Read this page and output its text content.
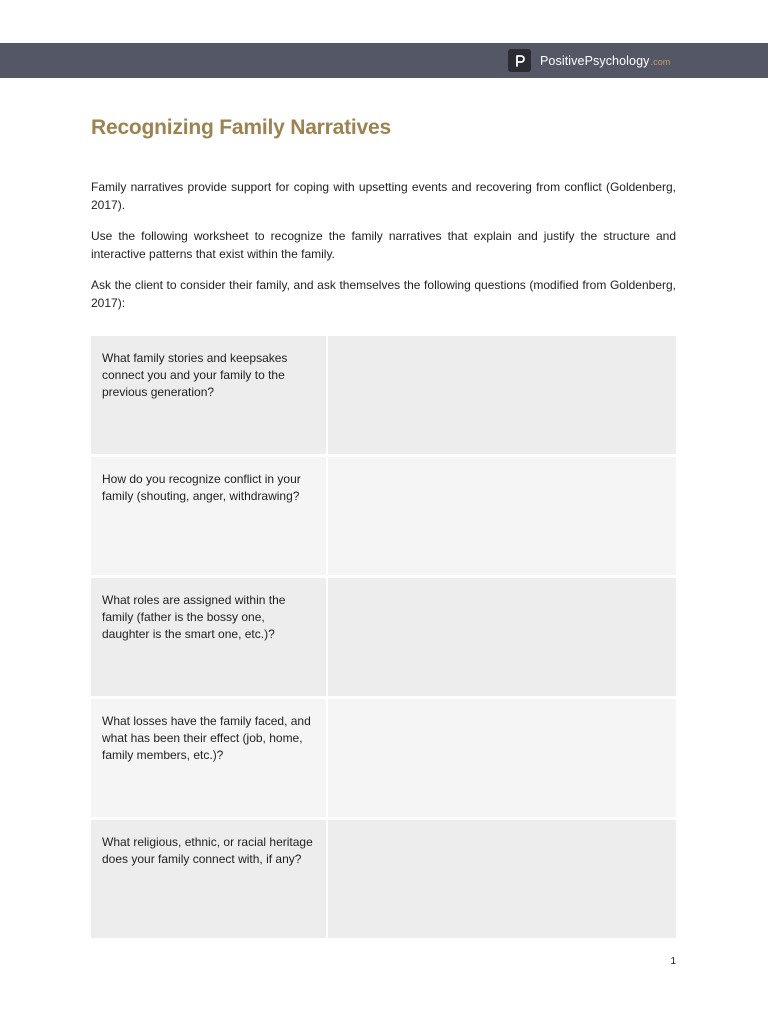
PositivePsychology.com
Recognizing Family Narratives

Family narratives provide support for coping with upsetting events and recovering from conflict (Goldenberg, 2017).

Use the following worksheet to recognize the family narratives that explain and justify the structure and interactive patterns that exist within the family.

Ask the client to consider their family, and ask themselves the following questions (modified from Goldenberg, 2017):

What family stories and keepsakes connect you and your family to the previous generation?
How do you recognize conflict in your family (shouting, anger, withdrawing?
What roles are assigned within the family (father is the bossy one, daughter is the smart one, etc.)?
What losses have the family faced, and what has been their effect (job, home, family members, etc.)?
What religious, ethnic, or racial heritage does your family connect with, if any?
1
